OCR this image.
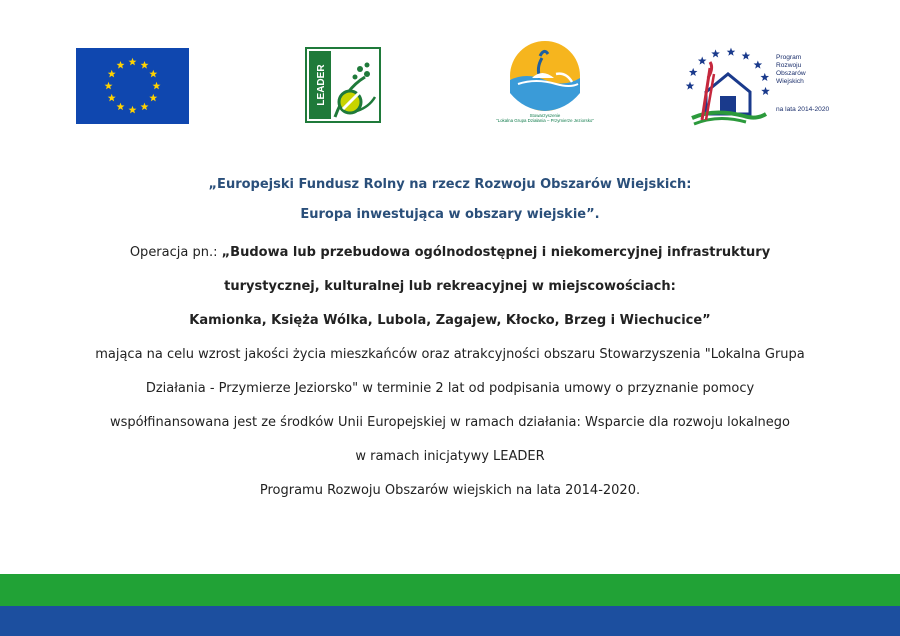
LEADER
Stowarzyszenie
"Lokalna Grupa Działania – Przymierze Jeziorsko"
Program
Rozwoju
Obszarów
Wiejskich
na lata 2014-2020
„Europejski Fundusz Rolny na rzecz Rozwoju Obszarów Wiejskich:
Europa inwestująca w obszary wiejskie”.
Operacja pn.: „Budowa lub przebudowa ogólnodostępnej i niekomercyjnej infrastruktury
turystycznej, kulturalnej lub rekreacyjnej w miejscowościach:
Kamionka, Księża Wólka, Lubola, Zagajew, Kłocko, Brzeg i Wiechucice”
mająca na celu wzrost jakości życia mieszkańców oraz atrakcyjności obszaru Stowarzyszenia "Lokalna Grupa
Działania - Przymierze Jeziorsko" w terminie 2 lat od podpisania umowy o przyznanie pomocy
współfinansowana jest ze środków Unii Europejskiej w ramach działania: Wsparcie dla rozwoju lokalnego
w ramach inicjatywy LEADER
Programu Rozwoju Obszarów wiejskich na lata 2014-2020.
